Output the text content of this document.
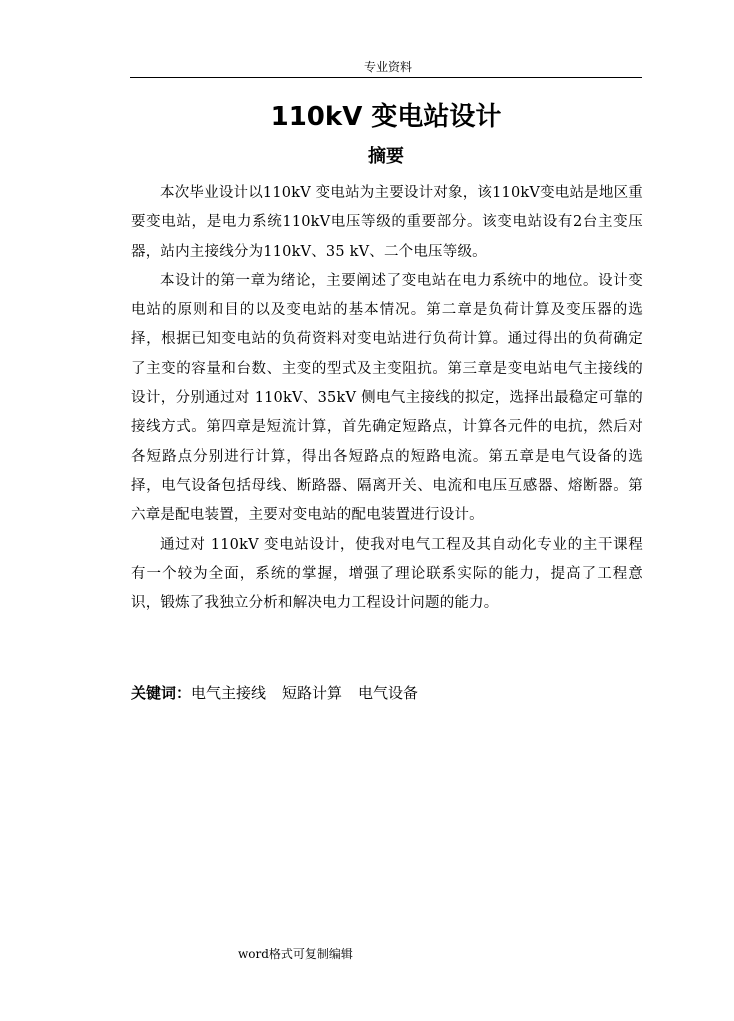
专业资料
110kV 变电站设计
摘要

本次毕业设计以110kV 变电站为主要设计对象，该110kV变电站是地区重要变电站，是电力系统110kV电压等级的重要部分。该变电站设有2台主变压器，站内主接线分为110kV、35 kV、二个电压等级。

本设计的第一章为绪论，主要阐述了变电站在电力系统中的地位。设计变电站的原则和目的以及变电站的基本情况。第二章是负荷计算及变压器的选择，根据已知变电站的负荷资料对变电站进行负荷计算。通过得出的负荷确定了主变的容量和台数、主变的型式及主变阻抗。第三章是变电站电气主接线的设计，分别通过对 110kV、35kV 侧电气主接线的拟定，选择出最稳定可靠的接线方式。第四章是短流计算，首先确定短路点，计算各元件的电抗，然后对各短路点分别进行计算，得出各短路点的短路电流。第五章是电气设备的选择，电气设备包括母线、断路器、隔离开关、电流和电压互感器、熔断器。第六章是配电装置，主要对变电站的配电装置进行设计。

通过对 110kV 变电站设计，使我对电气工程及其自动化专业的主干课程有一个较为全面，系统的掌握，增强了理论联系实际的能力，提高了工程意识，锻炼了我独立分析和解决电力工程设计问题的能力。

关键词：电气主接线 短路计算 电气设备
word格式可复制编辑
